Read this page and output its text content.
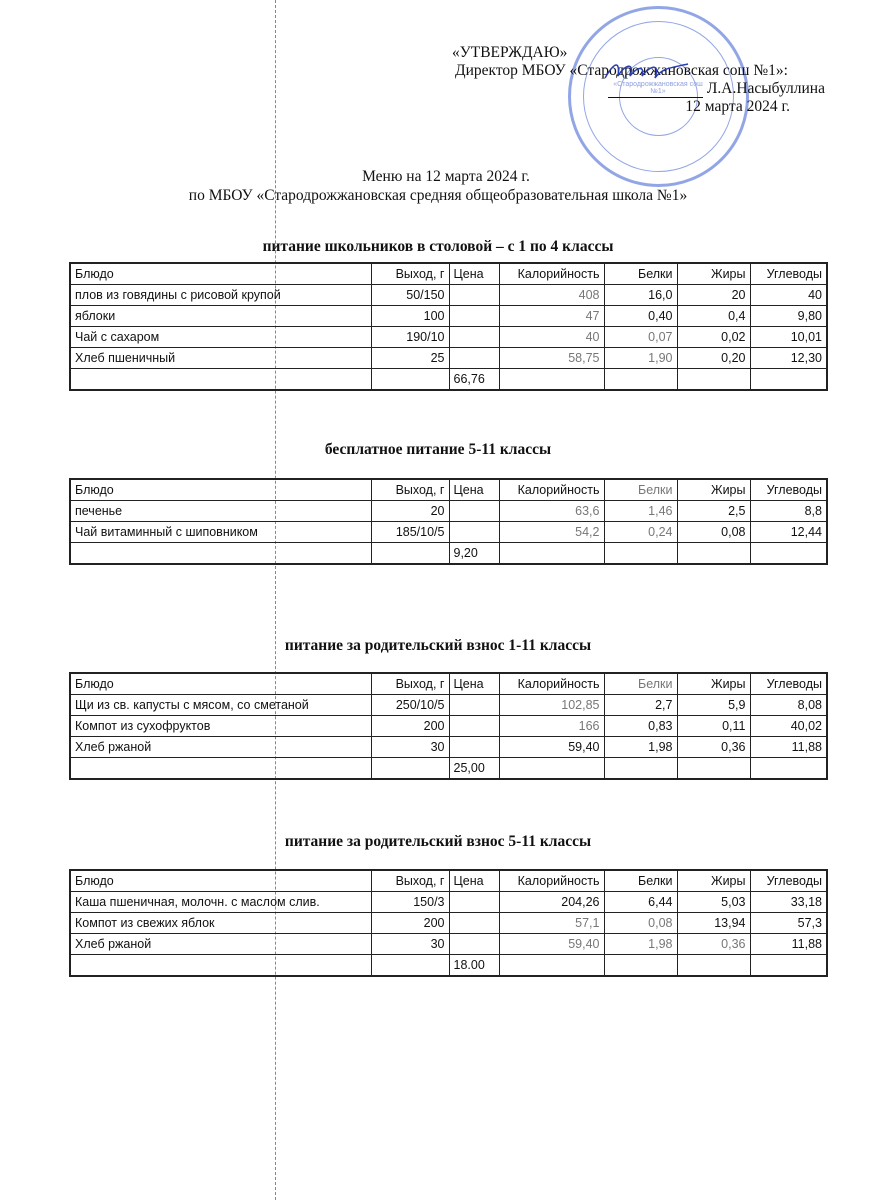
«Стародрожжановская сош №1»
«УТВЕРЖДАЮ»
Директор МБОУ «Стародрожжановская сош №1»:
Л.А.Насыбуллина
12 марта 2024 г.
Меню на 12 марта 2024 г.
по МБОУ «Стародрожжановская средняя общеобразовательная школа №1»
питание школьников в столовой – с 1 по 4 классы
Блюдо	Выход, г	Цена	Калорийность	Белки	Жиры	Углеводы
плов из говядины с рисовой крупой	50/150		408	16,0	20	40
яблоки	100		47	0,40	0,4	9,80
Чай с сахаром	190/10		40	0,07	0,02	10,01
Хлеб пшеничный	25		58,75	1,90	0,20	12,30
		66,76				
бесплатное питание 5-11 классы
Блюдо	Выход, г	Цена	Калорийность	Белки	Жиры	Углеводы
печенье	20		63,6	1,46	2,5	8,8
Чай витаминный с шиповником	185/10/5		54,2	0,24	0,08	12,44
		9,20				
питание за родительский взнос 1-11 классы
Блюдо	Выход, г	Цена	Калорийность	Белки	Жиры	Углеводы
Щи из св. капусты с мясом, со сметаной	250/10/5		102,85	2,7	5,9	8,08
Компот из сухофруктов	200		166	0,83	0,11	40,02
Хлеб ржаной	30		59,40	1,98	0,36	11,88
		25,00				
питание за родительский взнос 5-11 классы
Блюдо	Выход, г	Цена	Калорийность	Белки	Жиры	Углеводы
Каша пшеничная, молочн. с маслом слив.	150/3		204,26	6,44	5,03	33,18
Компот из свежих яблок	200		57,1	0,08	13,94	57,3
Хлеб ржаной	30		59,40	1,98	0,36	11,88
		18.00				
